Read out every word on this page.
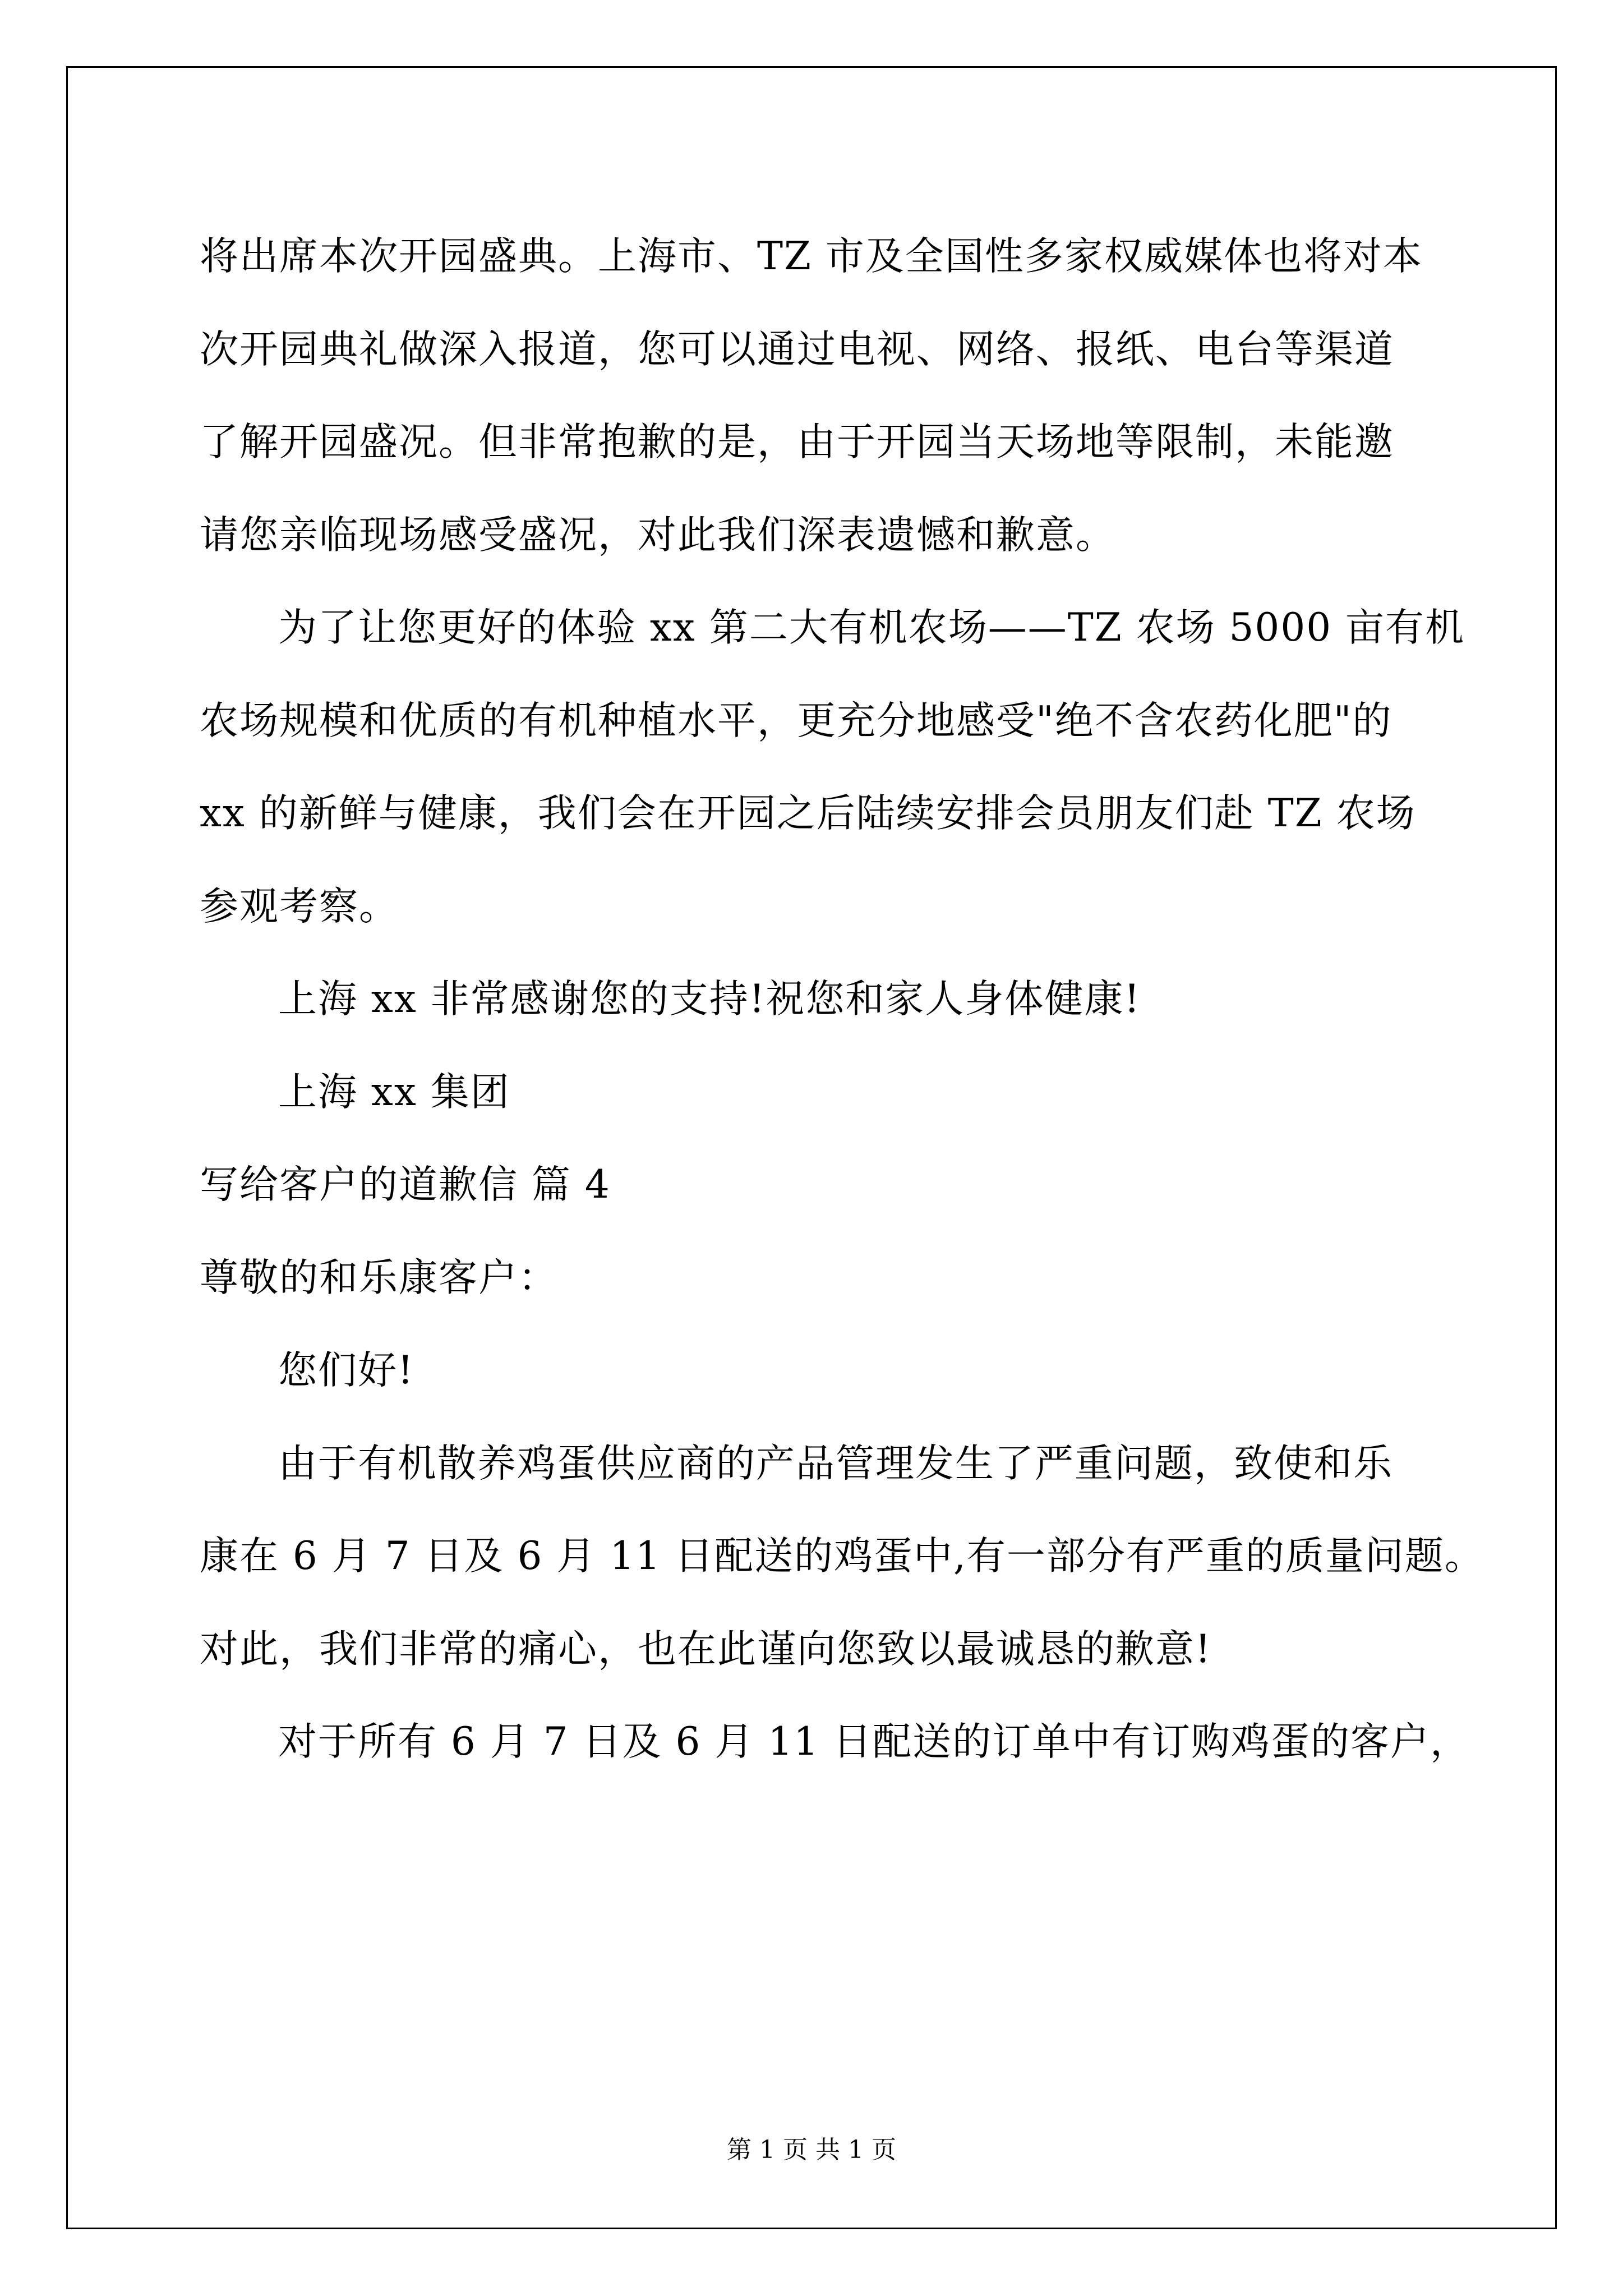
将出席本次开园盛典。上海市、TZ 市及全国性多家权威媒体也将对本
次开园典礼做深入报道，您可以通过电视、网络、报纸、电台等渠道
了解开园盛况。但非常抱歉的是，由于开园当天场地等限制，未能邀
请您亲临现场感受盛况，对此我们深表遗憾和歉意。
为了让您更好的体验 xx 第二大有机农场——TZ 农场 5000 亩有机
农场规模和优质的有机种植水平，更充分地感受"绝不含农药化肥"的
xx 的新鲜与健康，我们会在开园之后陆续安排会员朋友们赴 TZ 农场
参观考察。
上海 xx 非常感谢您的支持!祝您和家人身体健康!
上海 xx 集团
写给客户的道歉信 篇 4
尊敬的和乐康客户：
您们好!
由于有机散养鸡蛋供应商的产品管理发生了严重问题，致使和乐
康在 6 月 7 日及 6 月 11 日配送的鸡蛋中,有一部分有严重的质量问题。
对此，我们非常的痛心，也在此谨向您致以最诚恳的歉意!
对于所有 6 月 7 日及 6 月 11 日配送的订单中有订购鸡蛋的客户，
第 1 页 共 1 页
